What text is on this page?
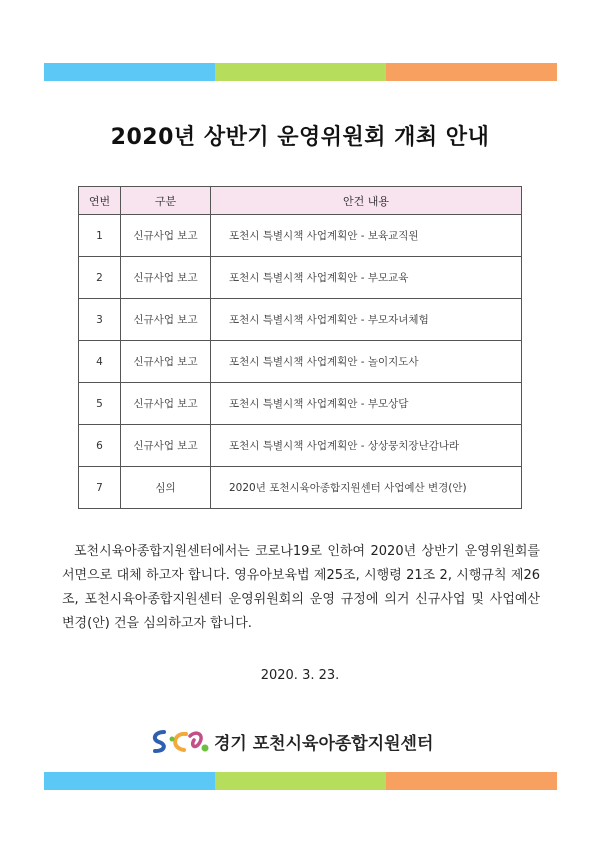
2020년 상반기 운영위원회 개최 안내
연번	구분	안건 내용
1	신규사업 보고	포천시 특별시책 사업계획안 - 보육교직원
2	신규사업 보고	포천시 특별시책 사업계획안 - 부모교육
3	신규사업 보고	포천시 특별시책 사업계획안 - 부모자녀체험
4	신규사업 보고	포천시 특별시책 사업계획안 - 놀이지도사
5	신규사업 보고	포천시 특별시책 사업계획안 - 부모상담
6	신규사업 보고	포천시 특별시책 사업계획안 - 상상뭉치장난감나라
7	심의	2020년 포천시육아종합지원센터 사업예산 변경(안)

포천시육아종합지원센터에서는 코로나19로 인하여 2020년 상반기 운영위원회를 서면으로 대체 하고자 합니다. 영유아보육법 제25조, 시행령 21조 2, 시행규칙 제26조, 포천시육아종합지원센터 운영위원회의 운영 규정에 의거 신규사업 및 사업예산 변경(안) 건을 심의하고자 합니다.

2020. 3. 23.
경기 포천시육아종합지원센터
